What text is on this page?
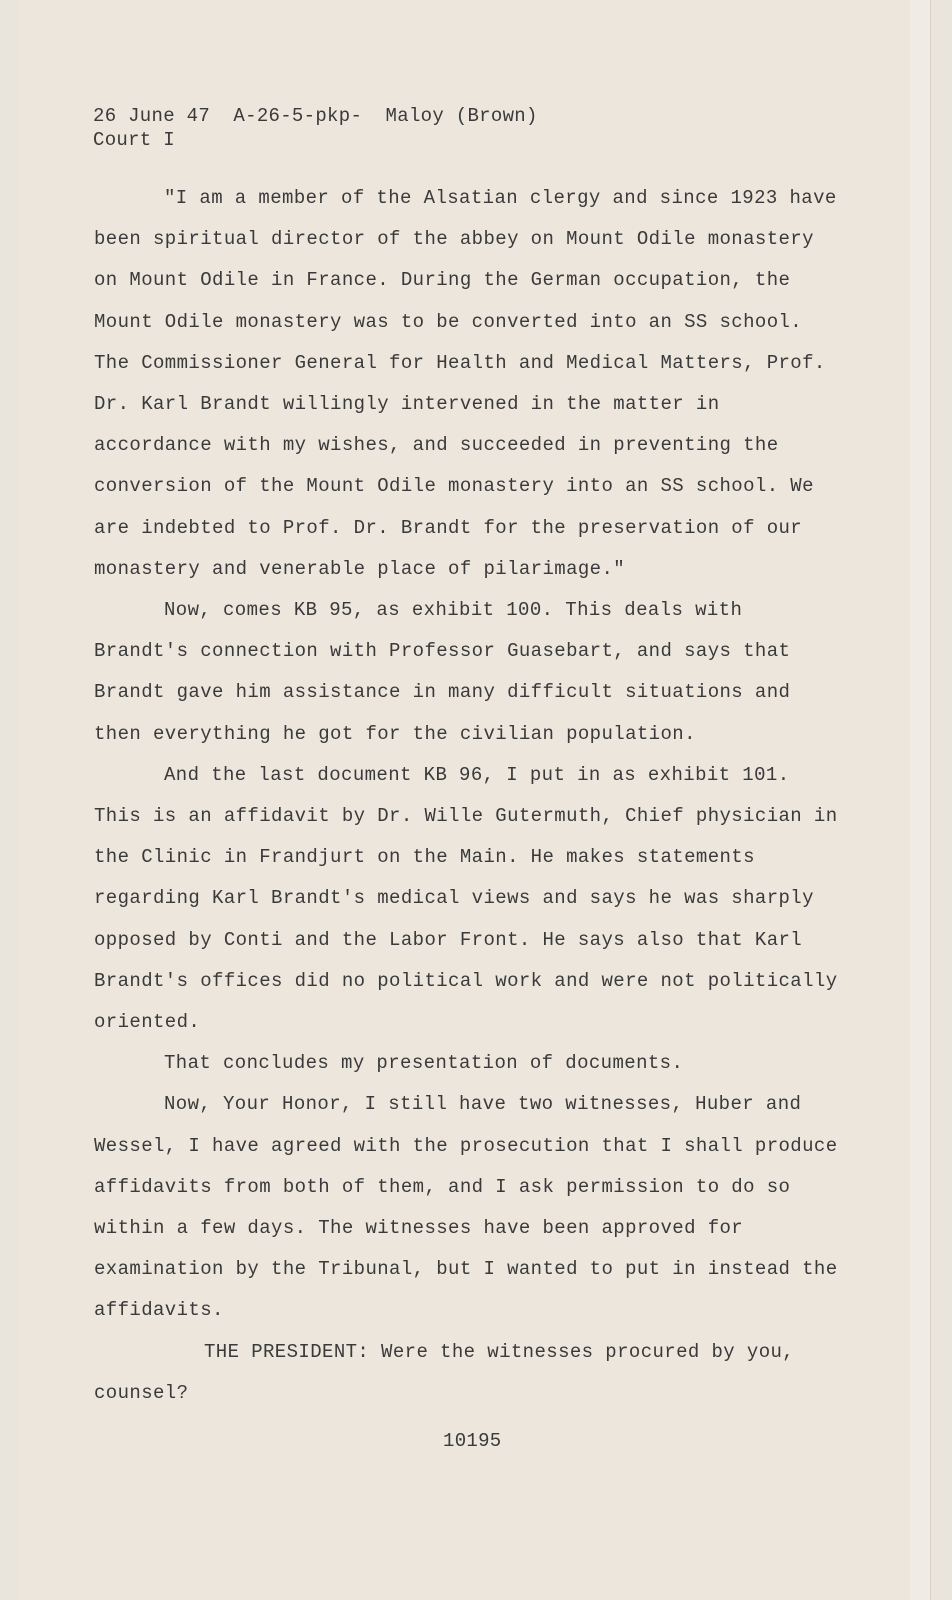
26 June 47  A-26-5-pkp-  Maloy (Brown)
Court I

"I am a member of the Alsatian clergy and since 1923 have been spiritual director of the abbey on Mount Odile monastery on Mount Odile in France. During the German occupation, the Mount Odile monastery was to be converted into an SS school. The Commissioner General for Health and Medical Matters, Prof. Dr. Karl Brandt willingly intervened in the matter in accordance with my wishes, and succeeded in preventing the conversion of the Mount Odile monastery into an SS school. We are indebted to Prof. Dr. Brandt for the preservation of our monastery and venerable place of pilarimage."

Now, comes KB 95, as exhibit 100. This deals with Brandt's connection with Professor Guasebart, and says that Brandt gave him assistance in many difficult situations and then everything he got for the civilian population.

And the last document KB 96, I put in as exhibit 101. This is an affidavit by Dr. Wille Gutermuth, Chief physician in the Clinic in Frandjurt on the Main. He makes statements regarding Karl Brandt's medical views and says he was sharply opposed by Conti and the Labor Front. He says also that Karl Brandt's offices did no political work and were not politically oriented.

That concludes my presentation of documents.

Now, Your Honor, I still have two witnesses, Huber and Wessel, I have agreed with the prosecution that I shall produce affidavits from both of them, and I ask permission to do so within a few days. The witnesses have been approved for examination by the Tribunal, but I wanted to put in instead the affidavits.

THE PRESIDENT: Were the witnesses procured by you, counsel?

10195
